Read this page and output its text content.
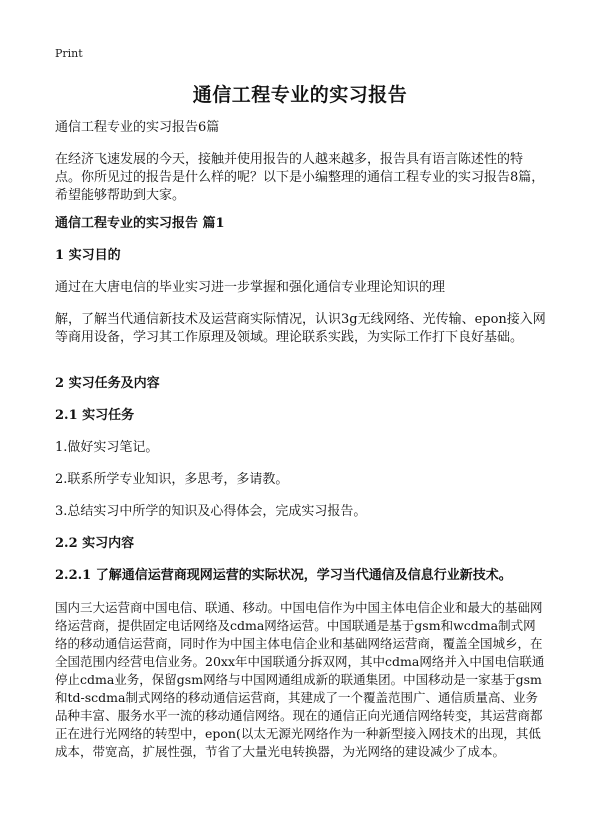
Print
通信工程专业的实习报告

通信工程专业的实习报告6篇

在经济飞速发展的今天，接触并使用报告的人越来越多，报告具有语言陈述性的特点。你所见过的报告是什么样的呢？以下是小编整理的通信工程专业的实习报告8篇，希望能够帮助到大家。

通信工程专业的实习报告 篇1

1 实习目的

通过在大唐电信的毕业实习进一步掌握和强化通信专业理论知识的理

解，了解当代通信新技术及运营商实际情况，认识3g无线网络、光传输、epon接入网等商用设备，学习其工作原理及领域。理论联系实践，为实际工作打下良好基础。

2 实习任务及内容

2.1 实习任务

1.做好实习笔记。

2.联系所学专业知识，多思考，多请教。

3.总结实习中所学的知识及心得体会，完成实习报告。

2.2 实习内容

2.2.1 了解通信运营商现网运营的实际状况，学习当代通信及信息行业新技术。

国内三大运营商中国电信、联通、移动。中国电信作为中国主体电信企业和最大的基础网络运营商，提供固定电话网络及cdma网络运营。中国联通是基于gsm和wcdma制式网络的移动通信运营商，同时作为中国主体电信企业和基础网络运营商，覆盖全国城乡，在全国范围内经营电信业务。20xx年中国联通分拆双网，其中cdma网络并入中国电信联通停止cdma业务，保留gsm网络与中国网通组成新的联通集团。中国移动是一家基于gsm和td-scdma制式网络的移动通信运营商，其建成了一个覆盖范围广、通信质量高、业务品种丰富、服务水平一流的移动通信网络。现在的通信正向光通信网络转变，其运营商都正在进行光网络的转型中，epon(以太无源光网络作为一种新型接入网技术的出现，其低成本，带宽高，扩展性强，节省了大量光电转换器，为光网络的建设减少了成本。
